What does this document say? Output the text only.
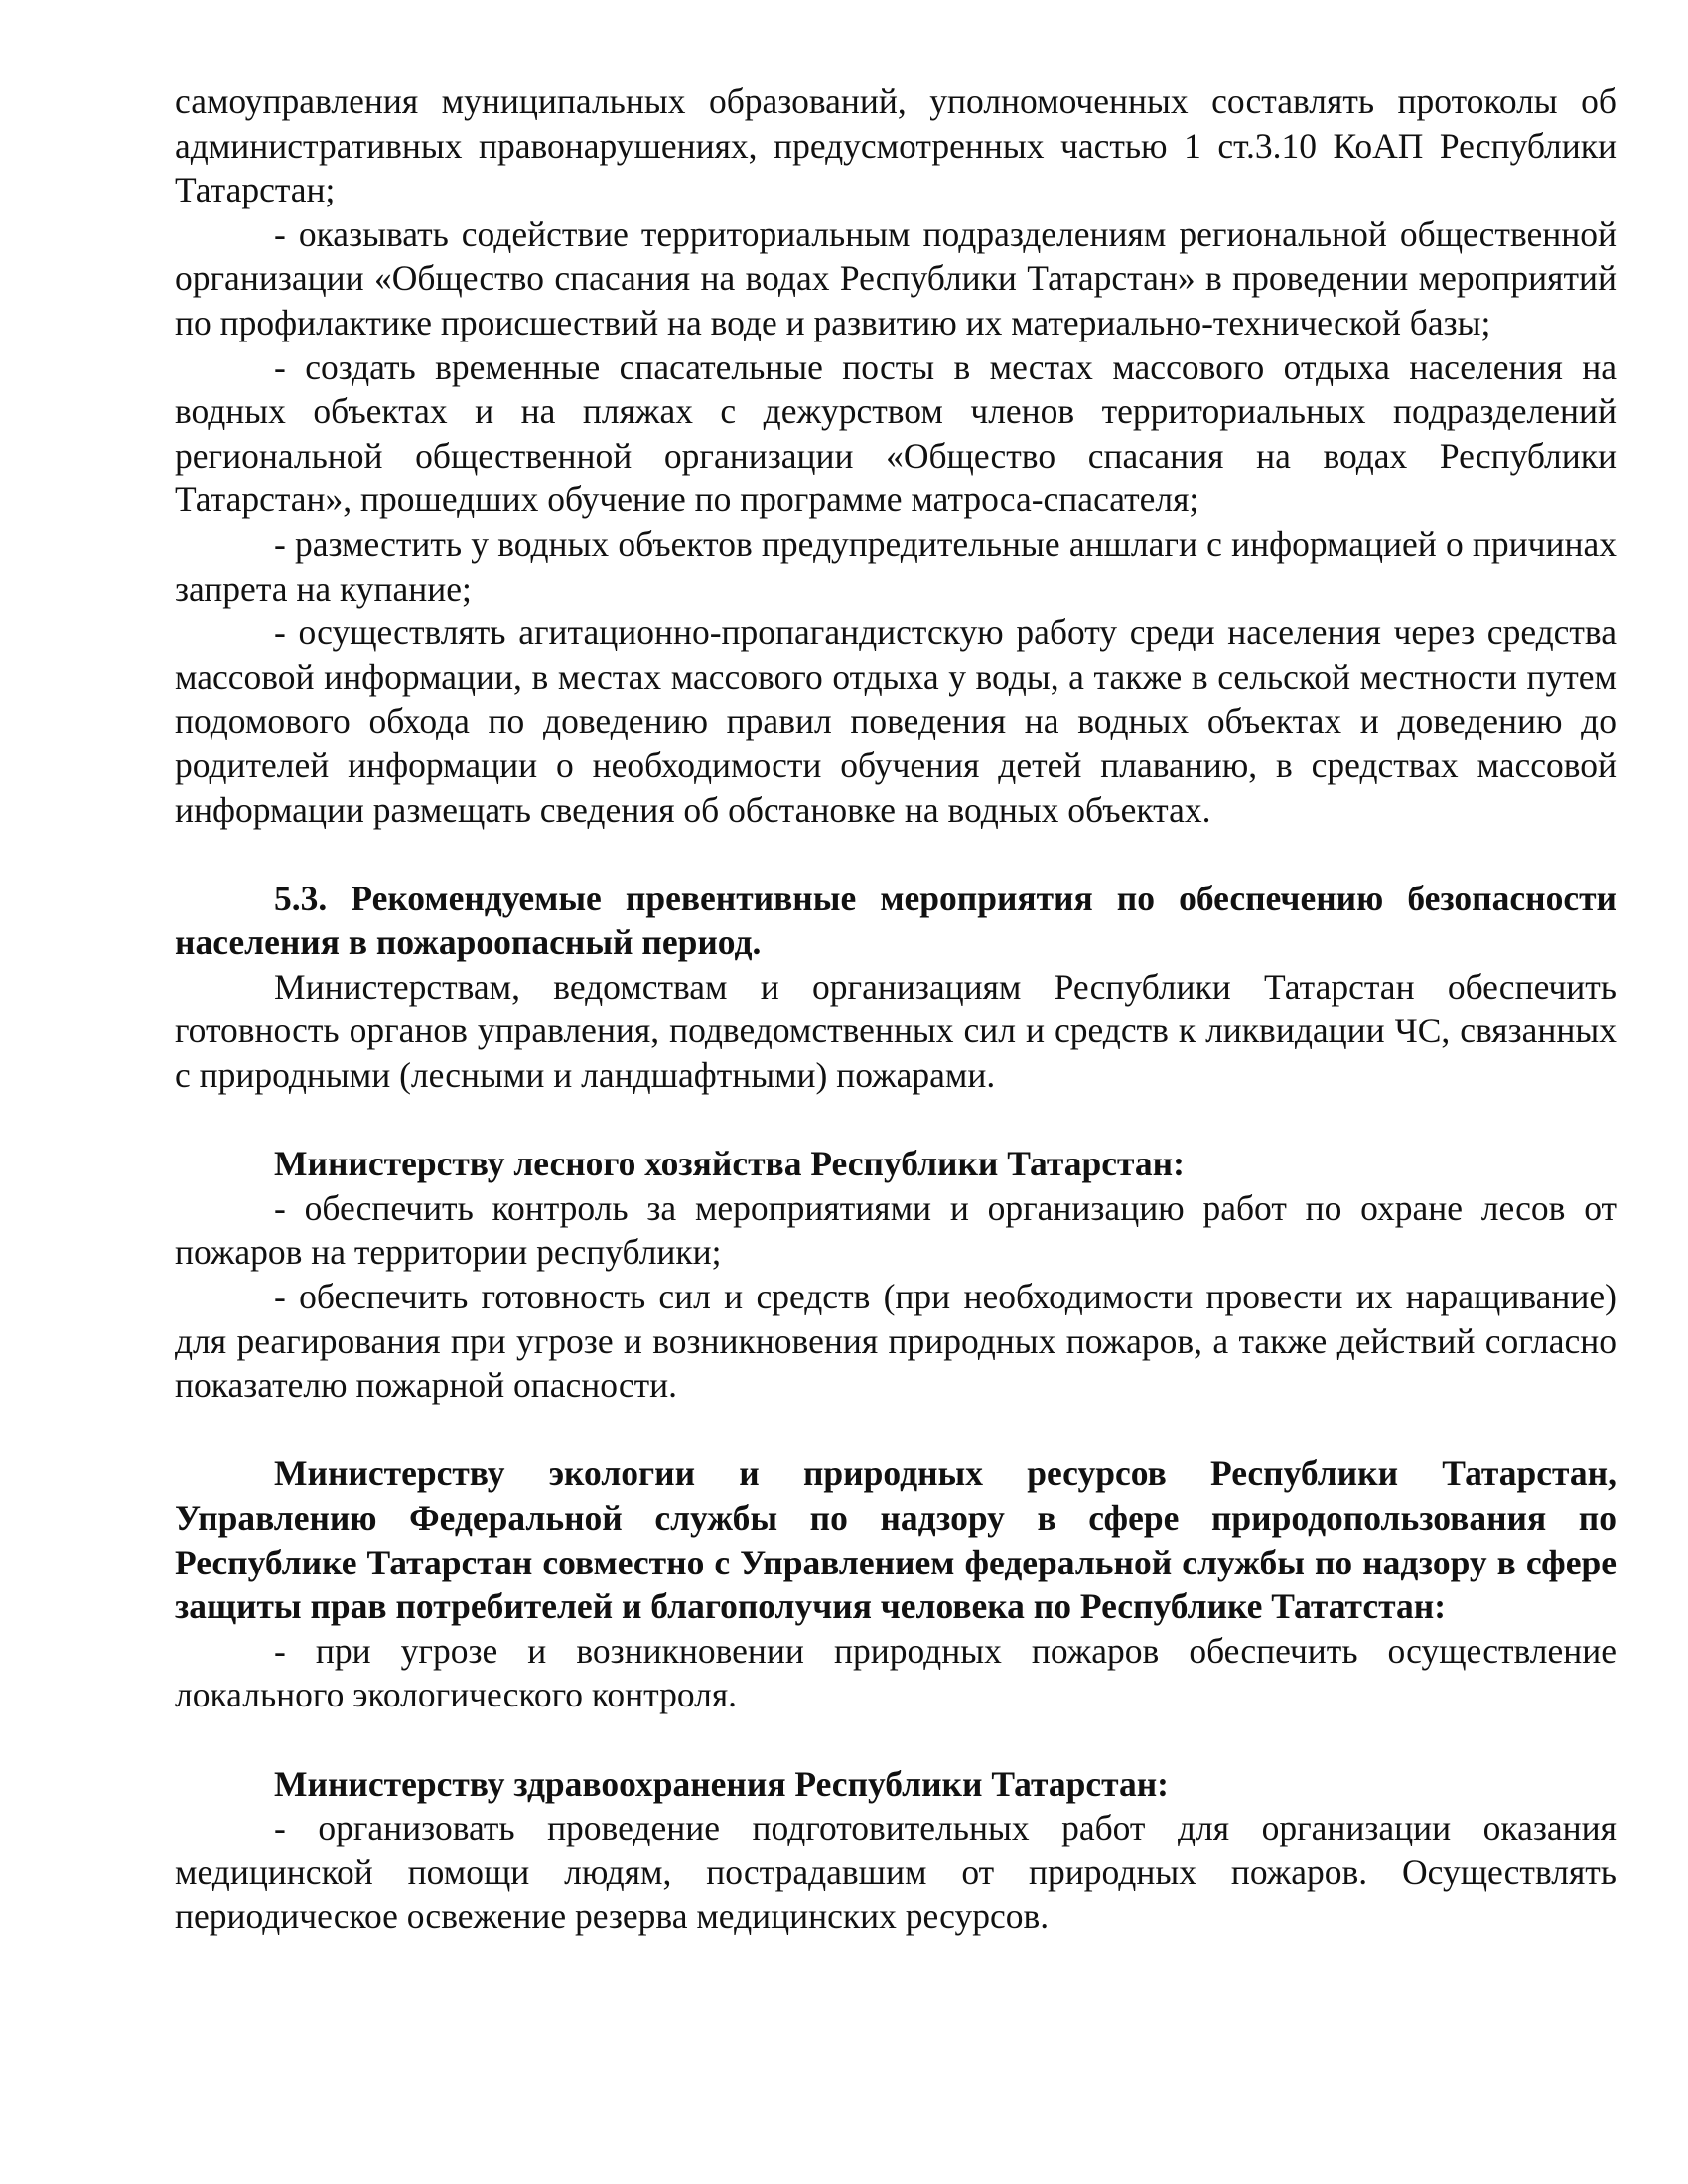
самоуправления муниципальных образований, уполномоченных составлять протоколы об административных правонарушениях, предусмотренных частью 1 ст.3.10 КоАП Республики Татарстан;

- оказывать содействие территориальным подразделениям региональной общественной организации «Общество спасания на водах Республики Татарстан» в проведении мероприятий по профилактике происшествий на воде и развитию их материально-технической базы;

- создать временные спасательные посты в местах массового отдыха населения на водных объектах и на пляжах с дежурством членов территориальных подразделений региональной общественной организации «Общество спасания на водах Республики Татарстан», прошедших обучение по программе матроса-спасателя;

- разместить у водных объектов предупредительные аншлаги с информацией о причинах запрета на купание;

- осуществлять агитационно-пропагандистскую работу среди населения через средства массовой информации, в местах массового отдыха у воды, а также в сельской местности путем подомового обхода по доведению правил поведения на водных объектах и доведению до родителей информации о необходимости обучения детей плаванию, в средствах массовой информации размещать сведения об обстановке на водных объектах.

5.3. Рекомендуемые превентивные мероприятия по обеспечению безопасности населения в пожароопасный период.

Министерствам, ведомствам и организациям Республики Татарстан обеспечить готовность органов управления, подведомственных сил и средств к ликвидации ЧС, связанных с природными (лесными и ландшафтными) пожарами.

Министерству лесного хозяйства Республики Татарстан:

- обеспечить контроль за мероприятиями и организацию работ по охране лесов от пожаров на территории республики;

- обеспечить готовность сил и средств (при необходимости провести их наращивание) для реагирования при угрозе и возникновения природных пожаров, а также действий согласно показателю пожарной опасности.

Министерству экологии и природных ресурсов Республики Татарстан, Управлению Федеральной службы по надзору в сфере природопользования по Республике Татарстан совместно с Управлением федеральной службы по надзору в сфере защиты прав потребителей и благополучия человека по Республике Тататстан:

- при угрозе и возникновении природных пожаров обеспечить осуществление локального экологического контроля.

Министерству здравоохранения Республики Татарстан:

- организовать проведение подготовительных работ для организации оказания медицинской помощи людям, пострадавшим от природных пожаров. Осуществлять периодическое освежение резерва медицинских ресурсов.
